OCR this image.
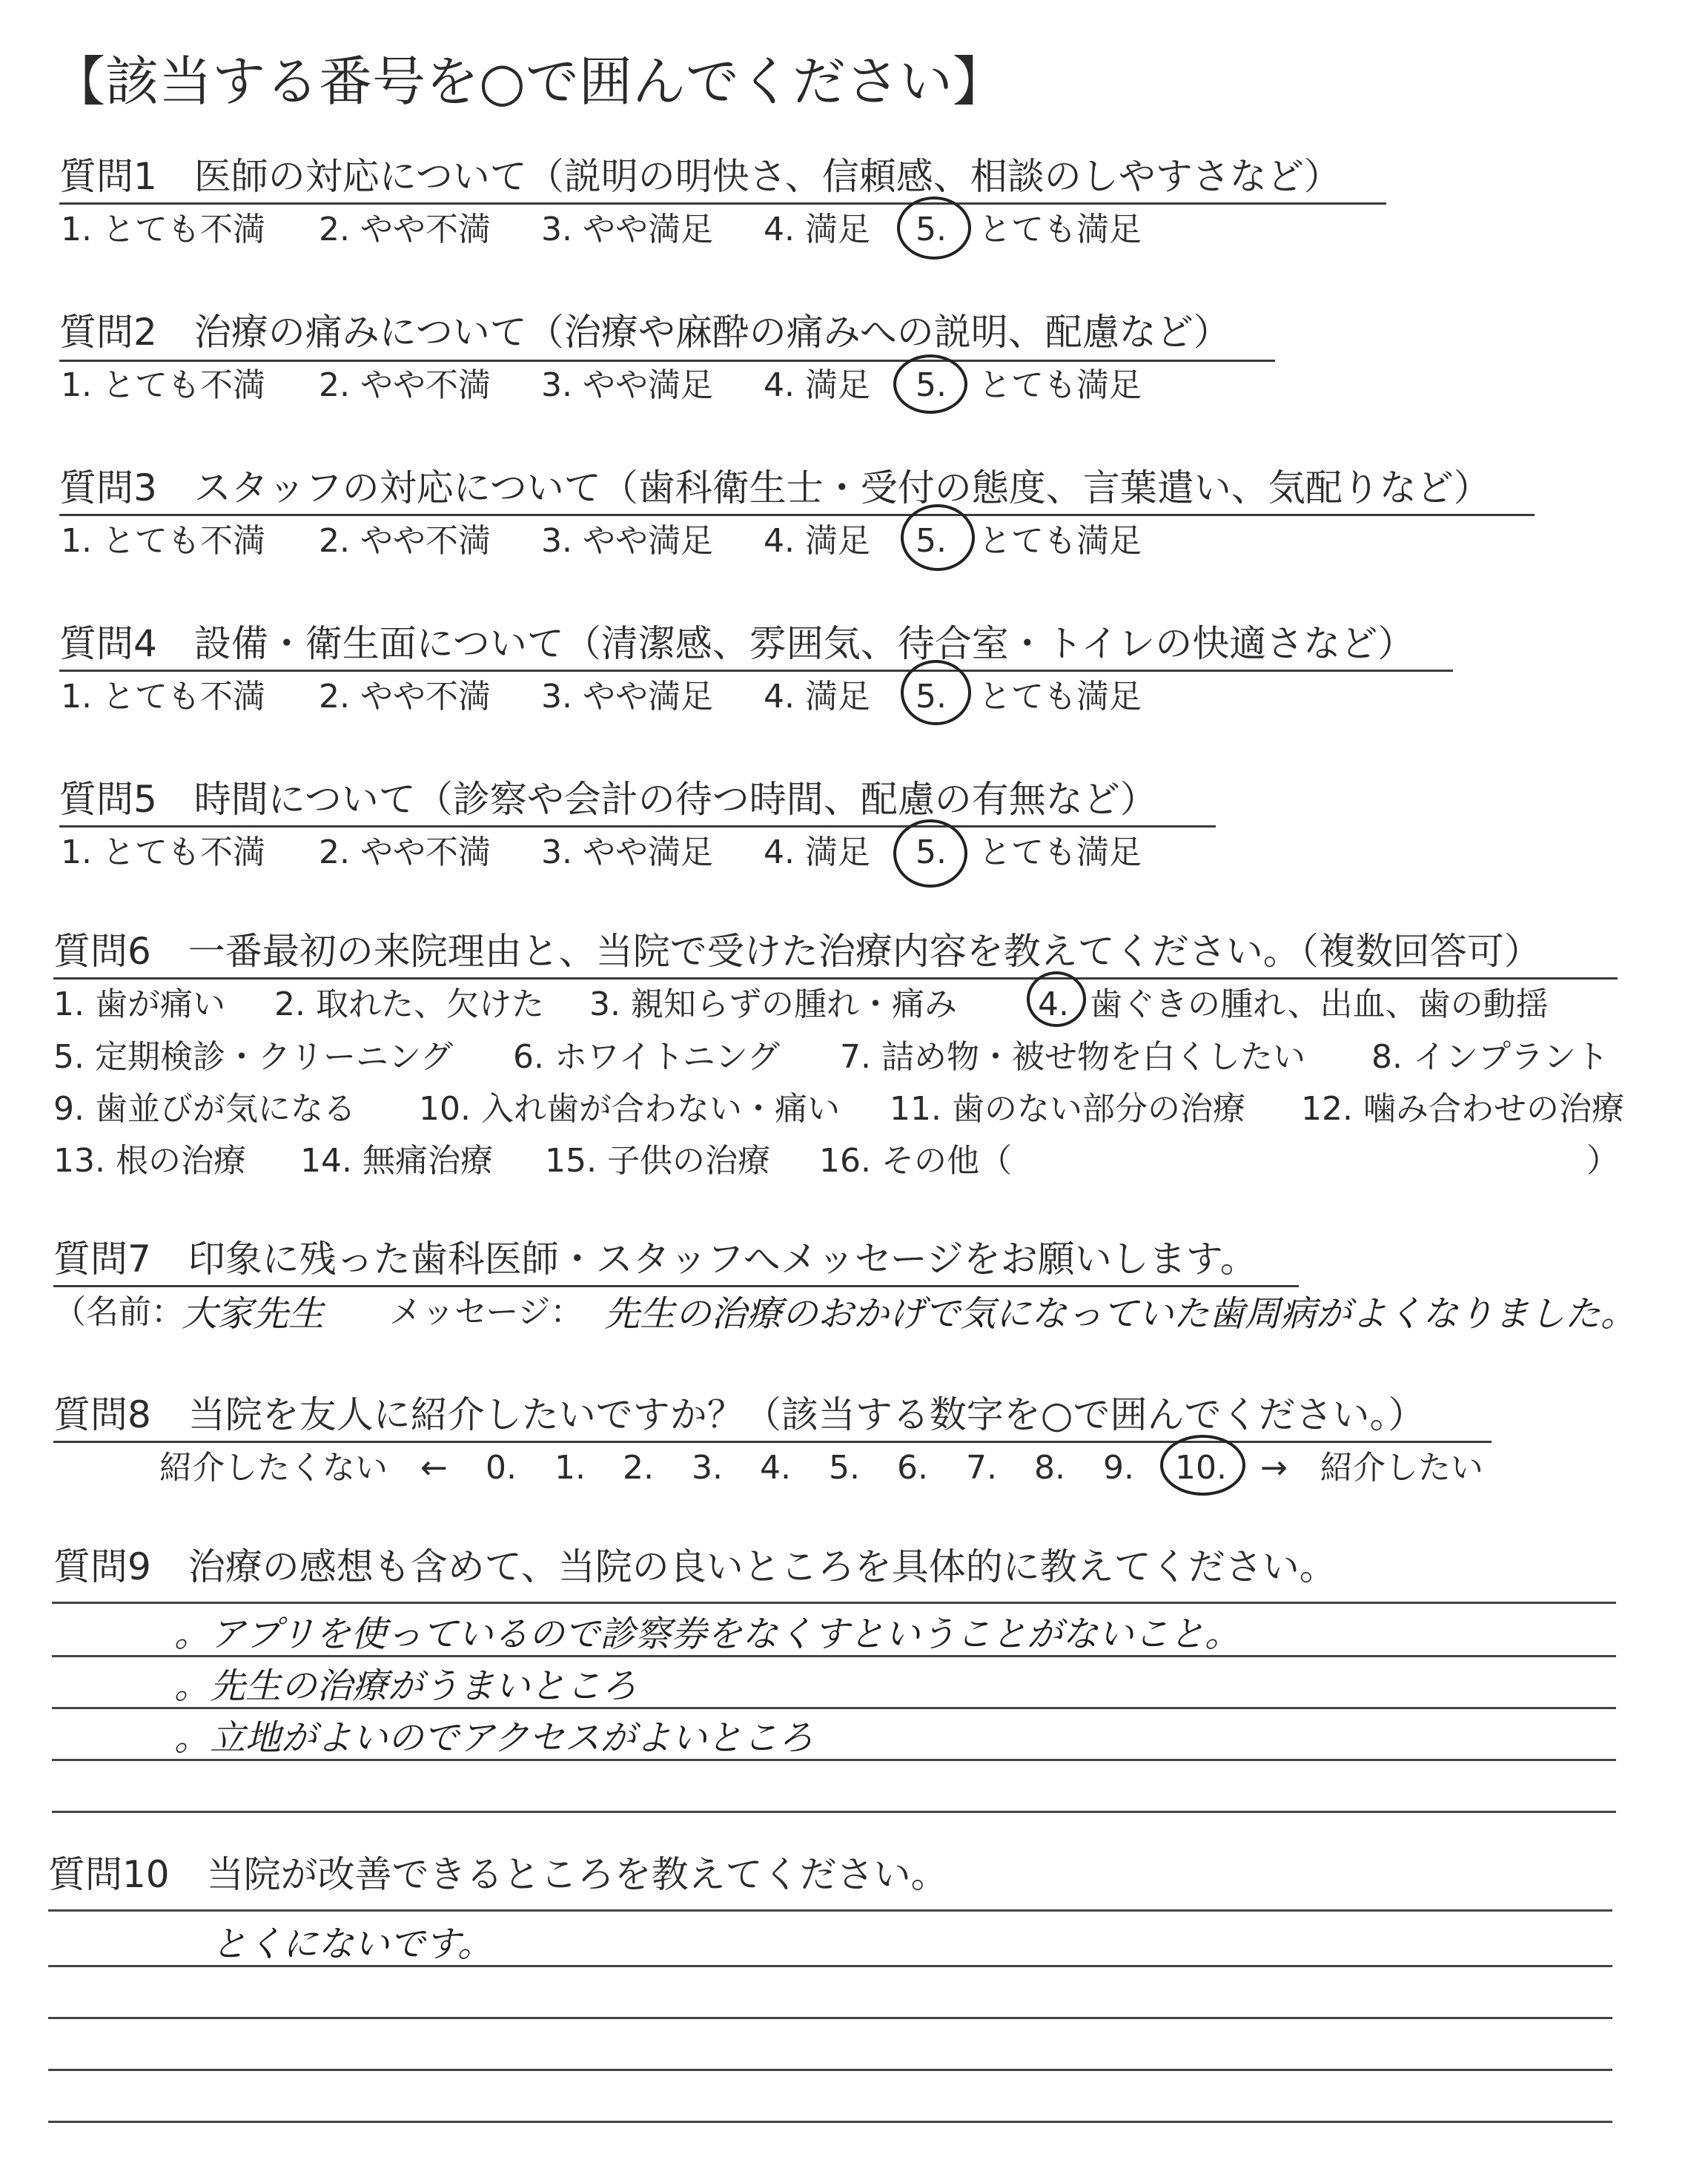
【該当する番号を○で囲んでください】
質問1　医師の対応について（説明の明快さ、信頼感、相談のしやすさなど）
1. とても不満 2. やや不満 3. やや満足 4. 満足 5. とても満足
質問2　治療の痛みについて（治療や麻酔の痛みへの説明、配慮など）
1. とても不満 2. やや不満 3. やや満足 4. 満足 5. とても満足
質問3　スタッフの対応について（歯科衛生士・受付の態度、言葉遣い、気配りなど）
1. とても不満 2. やや不満 3. やや満足 4. 満足 5. とても満足
質問4　設備・衛生面について（清潔感、雰囲気、待合室・トイレの快適さなど）
1. とても不満 2. やや不満 3. やや満足 4. 満足 5. とても満足
質問5　時間について（診察や会計の待つ時間、配慮の有無など）
1. とても不満 2. やや不満 3. やや満足 4. 満足 5. とても満足
質問6　一番最初の来院理由と、当院で受けた治療内容を教えてください。（複数回答可）
1. 歯が痛い 2. 取れた、欠けた 3. 親知らずの腫れ・痛み 4. 歯ぐきの腫れ、出血、歯の動揺
5. 定期検診・クリーニング 6. ホワイトニング 7. 詰め物・被せ物を白くしたい 8. インプラント
9. 歯並びが気になる 10. 入れ歯が合わない・痛い 11. 歯のない部分の治療 12. 噛み合わせの治療
13. 根の治療 14. 無痛治療 15. 子供の治療 16. その他（	）
質問7　印象に残った歯科医師・スタッフへメッセージをお願いします。
（名前：
大家先生 メッセージ： 先生の治療のおかげで気になっていた歯周病がよくなりました。
質問8　当院を友人に紹介したいですか？（該当する数字を○で囲んでください。）
紹介したくない　← 0. 1. 2. 3. 4. 5. 6. 7. 8. 9. 10. →　紹介したい
質問9　治療の感想も含めて、当院の良いところを具体的に教えてください。
。アプリを使っているので診察券をなくすということがないこと。
。先生の治療がうまいところ
。立地がよいのでアクセスがよいところ
質問10　当院が改善できるところを教えてください。
とくにないです。
